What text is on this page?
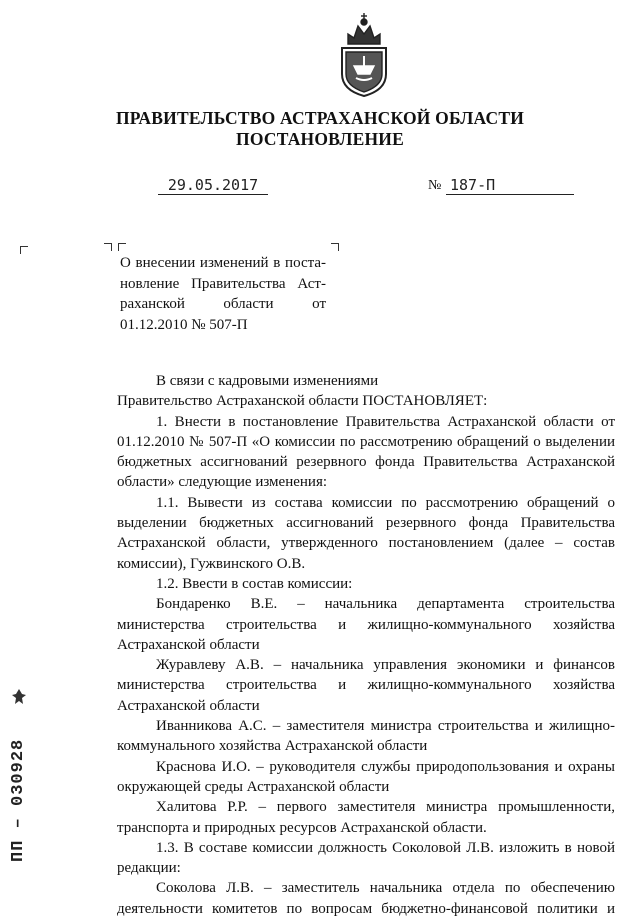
ПРАВИТЕЛЬСТВО АСТРАХАНСКОЙ ОБЛАСТИ
ПОСТАНОВЛЕНИЕ
29.05.2017	№ 187-П
О внесении изменений в поста-
новление Правительства Аст-
раханской области от
01.12.2010 № 507-П

В связи с кадровыми изменениями

Правительство Астраханской области ПОСТАНОВЛЯЕТ:

1. Внести в постановление Правительства Астраханской области от 01.12.2010 № 507-П «О комиссии по рассмотрению обращений о выделении бюджетных ассигнований резервного фонда Правительства Астраханской области» следующие изменения:

1.1. Вывести из состава комиссии по рассмотрению обращений о выделении бюджетных ассигнований резервного фонда Правительства Астраханской области, утвержденного постановлением (далее – состав комиссии), Гужвинского О.В.

1.2. Ввести в состав комиссии:

Бондаренко В.Е. – начальника департамента строительства министерства строительства и жилищно-коммунального хозяйства Астраханской области

Журавлеву А.В. – начальника управления экономики и финансов министерства строительства и жилищно-коммунального хозяйства Астраханской области

Иванникова А.С. – заместителя министра строительства и жилищно-коммунального хозяйства Астраханской области

Краснова И.О. – руководителя службы природопользования и охраны окружающей среды Астраханской области

Халитова Р.Р. – первого заместителя министра промышленности, транспорта и природных ресурсов Астраханской области.

1.3. В составе комиссии должность Соколовой Л.В. изложить в новой редакции:

Соколова Л.В. – заместитель начальника отдела по обеспечению деятельности комитетов по вопросам бюджетно-финансовой политики и

ПП – 030928
